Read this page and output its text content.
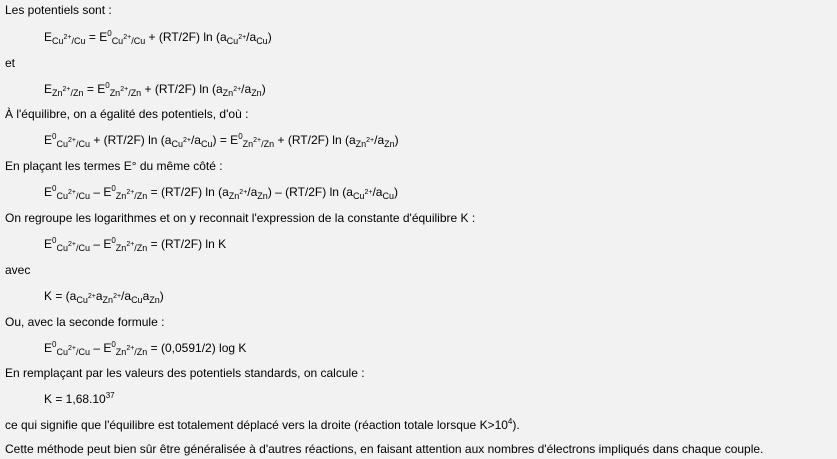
Les potentiels sont :
$E_{Cu^{2+}/Cu} = E^0_{Cu^{2+}/Cu} + (RT/2F)$ $\ln (a_{Cu^{2+}}/a_{Cu})$
et
$E_{Zn^{2+}/Zn} = E^0_{Zn^{2+}/Zn} + (RT/2F)$ $\ln (a_{Zn^{2+}}/a_{Zn})$
À l'équilibre, on a égalité des potentiels, d'où :
$E^0_{Cu^{2+}/Cu} + (RT/2F)$ $\ln (a_{Cu^{2+}}/a_{Cu}) = E^0_{Zn^{2+}/Zn} + (RT/2F)$ $\ln (a_{Zn^{2+}}/a_{Zn})$
En plaçant les termes E° du même côté :
$E^0_{Cu^{2+}/Cu} - E^0_{Zn^{2+}/Zn} = (RT/2F)$ $\ln (a_{Zn^{2+}}/a_{Zn}) - (RT/2F)$ $\ln (a_{Cu^{2+}}/a_{Cu})$
On regroupe les logarithmes et on y reconnait l'expression de la constante d'équilibre K :
$E^0_{Cu^{2+}/Cu} - E^0_{Zn^{2+}/Zn} = (RT/2F)$ ln K
avec
$K = (a_{Cu^{2+}}a_{Zn^{2+}}/a_{Cu}a_{Zn})$
Ou, avec la seconde formule :
$E^0_{Cu^{2+}/Cu} - E^0_{Zn^{2+}/Zn} = (0,0591/2)$ log K
En remplaçant par les valeurs des potentiels standards, on calcule :
$K = 1,68.10^{37}$
ce qui signifie que l'équilibre est totalement déplacé vers la droite (réaction totale lorsque $K>10^4$).
Cette méthode peut bien sûr être généralisée à d'autres réactions, en faisant attention aux nombres d'électrons impliqués dans chaque couple.
